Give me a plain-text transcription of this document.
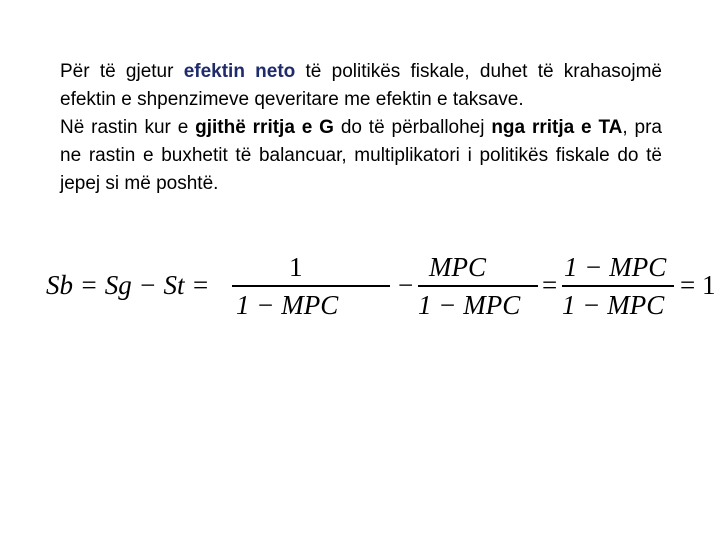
Për të gjetur efektin neto të politikës fiskale, duhet të krahasojmë efektin e shpenzimeve qeveritare me efektin e taksave.

Në rastin kur e gjithë rritja e G do të përballohej nga rritja e TA, pra ne rastin e buxhetit të balancuar, multiplikatori i politikës fiskale do të jepej si më poshtë.

Sb = Sg − St =
1
1 − MPC
−
MPC
1 − MPC
=
1 − MPC
1 − MPC
= 1
